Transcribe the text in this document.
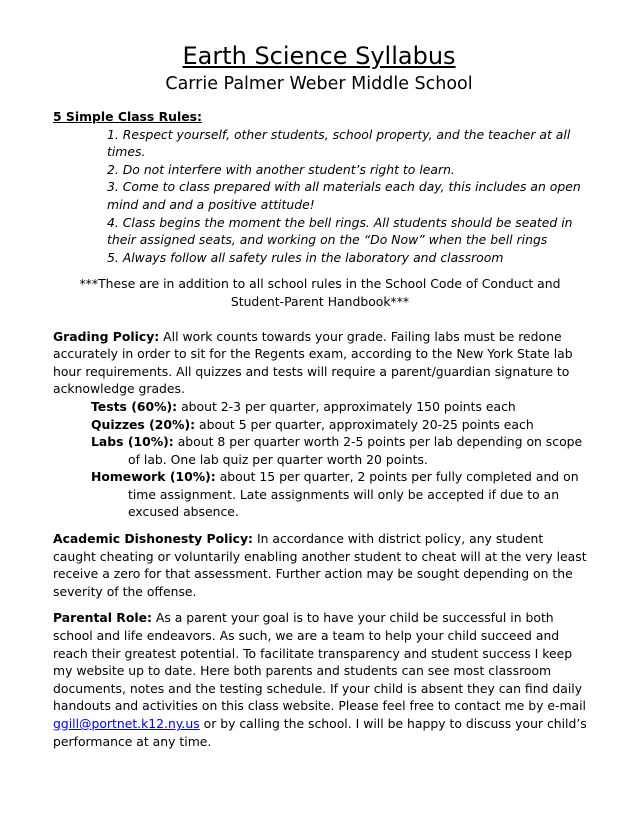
Earth Science Syllabus
Carrie Palmer Weber Middle School
5 Simple Class Rules:
1. Respect yourself, other students, school property, and the teacher at all times.
2. Do not interfere with another student’s right to learn.
3. Come to class prepared with all materials each day, this includes an open mind and and a positive attitude!
4. Class begins the moment the bell rings. All students should be seated in their assigned seats, and working on the “Do Now” when the bell rings
5. Always follow all safety rules in the laboratory and classroom

***These are in addition to all school rules in the School Code of Conduct and Student-Parent Handbook***

Grading Policy: All work counts towards your grade. Failing labs must be redone accurately in order to sit for the Regents exam, according to the New York State lab hour requirements. All quizzes and tests will require a parent/guardian signature to acknowledge grades.
Tests (60%): about 2-3 per quarter, approximately 150 points each
Quizzes (20%): about 5 per quarter, approximately 20-25 points each
Labs (10%): about 8 per quarter worth 2-5 points per lab depending on scope of lab. One lab quiz per quarter worth 20 points.
Homework (10%): about 15 per quarter, 2 points per fully completed and on time assignment. Late assignments will only be accepted if due to an excused absence.
Academic Dishonesty Policy: In accordance with district policy, any student caught cheating or voluntarily enabling another student to cheat will at the very least receive a zero for that assessment. Further action may be sought depending on the severity of the offense.
Parental Role: As a parent your goal is to have your child be successful in both school and life endeavors. As such, we are a team to help your child succeed and reach their greatest potential. To facilitate transparency and student success I keep my website up to date. Here both parents and students can see most classroom documents, notes and the testing schedule. If your child is absent they can find daily handouts and activities on this class website. Please feel free to contact me by e-mail ggill@portnet.k12.ny.us or by calling the school. I will be happy to discuss your child’s performance at any time.
